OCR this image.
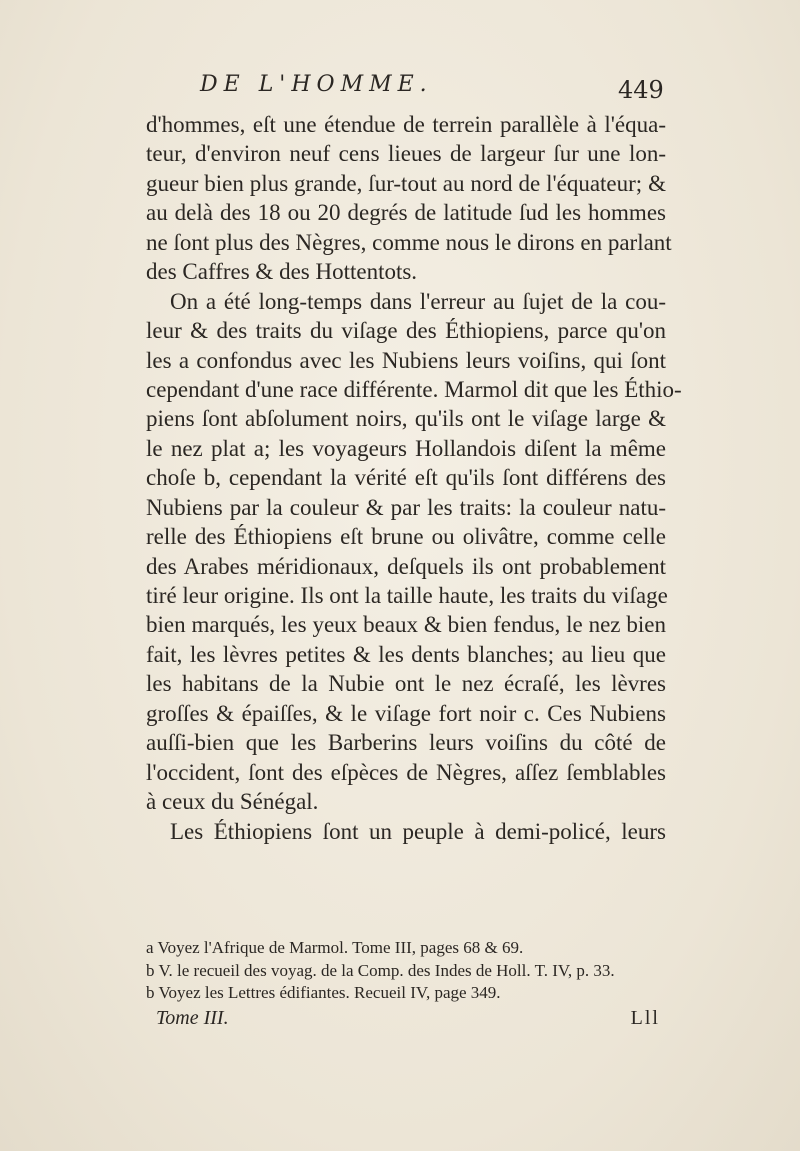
DE L'HOMME.	449
d'hommes, eſt une étendue de terrein parallèle à l'équa-
teur, d'environ neuf cens lieues de largeur ſur une lon-
gueur bien plus grande, ſur-tout au nord de l'équateur; &
au delà des 18 ou 20 degrés de latitude ſud les hommes
ne ſont plus des Nègres, comme nous le dirons en parlant
des Caffres & des Hottentots.
On a été long-temps dans l'erreur au ſujet de la cou-
leur & des traits du viſage des Éthiopiens, parce qu'on
les a confondus avec les Nubiens leurs voiſins, qui ſont
cependant d'une race différente. Marmol dit que les Éthio-
piens ſont abſolument noirs, qu'ils ont le viſage large &
le nez plat a; les voyageurs Hollandois diſent la même
choſe b, cependant la vérité eſt qu'ils ſont différens des
Nubiens par la couleur & par les traits: la couleur natu-
relle des Éthiopiens eſt brune ou olivâtre, comme celle
des Arabes méridionaux, deſquels ils ont probablement
tiré leur origine. Ils ont la taille haute, les traits du viſage
bien marqués, les yeux beaux & bien fendus, le nez bien
fait, les lèvres petites & les dents blanches; au lieu que
les habitans de la Nubie ont le nez écraſé, les lèvres
groſſes & épaiſſes, & le viſage fort noir c. Ces Nubiens
auſſi-bien que les Barberins leurs voiſins du côté de
l'occident, ſont des eſpèces de Nègres, aſſez ſemblables
à ceux du Sénégal.
Les Éthiopiens ſont un peuple à demi-policé, leurs
a Voyez l'Afrique de Marmol. Tome III, pages 68 & 69.
b V. le recueil des voyag. de la Comp. des Indes de Holl. T. IV, p. 33.
b Voyez les Lettres édifiantes. Recueil IV, page 349.
Tome III.	Lll
